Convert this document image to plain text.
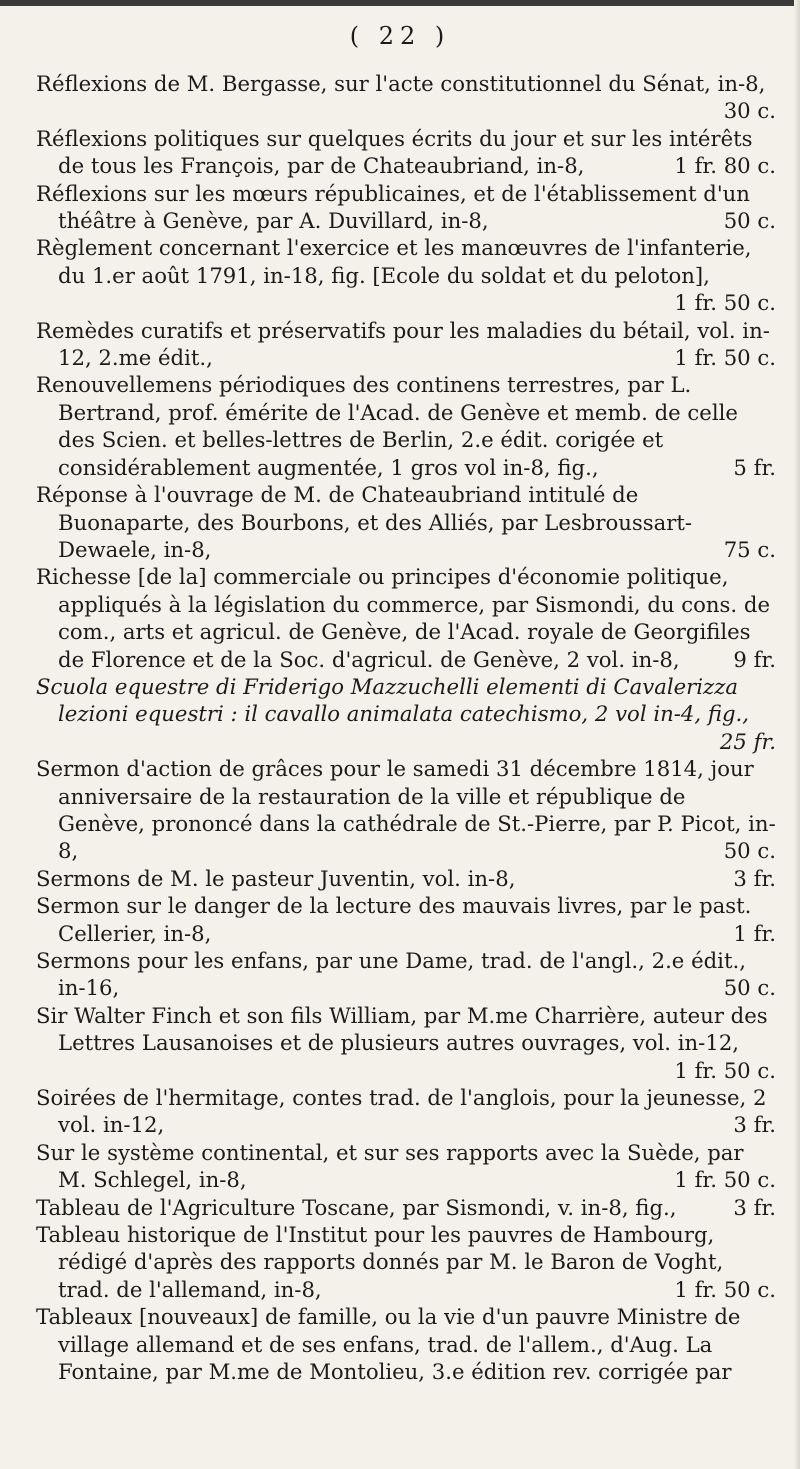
( 22 )

Réflexions de M. Bergasse, sur l'acte constitutionnel du Sénat, in-8,
30 c.

Réflexions politiques sur quelques écrits du jour et sur les intérêts de tous les François, par de Chateaubriand, in-8,	1 fr. 80 c.

Réflexions sur les mœurs républicaines, et de l'établissement d'un théâtre à Genève, par A. Duvillard, in-8,	50 c.

Règlement concernant l'exercice et les manœuvres de l'infanterie, du 1.er août 1791, in-18, fig. [Ecole du soldat et du peloton],
1 fr. 50 c.

Remèdes curatifs et préservatifs pour les maladies du bétail, vol. in-12, 2.me édit.,	1 fr. 50 c.

Renouvellemens périodiques des continens terrestres, par L. Bertrand, prof. émérite de l'Acad. de Genève et memb. de celle des Scien. et belles-lettres de Berlin, 2.e édit. corigée et considérablement augmentée, 1 gros vol in-8, fig.,	5 fr.

Réponse à l'ouvrage de M. de Chateaubriand intitulé de Buonaparte, des Bourbons, et des Alliés, par Lesbroussart-Dewaele, in-8,	75 c.

Richesse [de la] commerciale ou principes d'économie politique, appliqués à la législation du commerce, par Sismondi, du cons. de com., arts et agricul. de Genève, de l'Acad. royale de Georgifiles de Florence et de la Soc. d'agricul. de Genève, 2 vol. in-8,	9 fr.

Scuola equestre di Friderigo Mazzuchelli elementi di Cavalerizza lezioni equestri : il cavallo animalata catechismo, 2 vol in-4, fig.,
25 fr.

Sermon d'action de grâces pour le samedi 31 décembre 1814, jour anniversaire de la restauration de la ville et république de Genève, prononcé dans la cathédrale de St.-Pierre, par P. Picot, in-8,	50 c.

Sermons de M. le pasteur Juventin, vol. in-8,	3 fr.

Sermon sur le danger de la lecture des mauvais livres, par le past. Cellerier, in-8,	1 fr.

Sermons pour les enfans, par une Dame, trad. de l'angl., 2.e édit., in-16,	50 c.

Sir Walter Finch et son fils William, par M.me Charrière, auteur des Lettres Lausanoises et de plusieurs autres ouvrages, vol. in-12,
1 fr. 50 c.

Soirées de l'hermitage, contes trad. de l'anglois, pour la jeunesse, 2 vol. in-12,	3 fr.

Sur le système continental, et sur ses rapports avec la Suède, par M. Schlegel, in-8,	1 fr. 50 c.

Tableau de l'Agriculture Toscane, par Sismondi, v. in-8, fig.,	3 fr.

Tableau historique de l'Institut pour les pauvres de Hambourg, rédigé d'après des rapports donnés par M. le Baron de Voght, trad. de l'allemand, in-8,	1 fr. 50 c.

Tableaux [nouveaux] de famille, ou la vie d'un pauvre Ministre de village allemand et de ses enfans, trad. de l'allem., d'Aug. La Fontaine, par M.me de Montolieu, 3.e édition rev. corrigée par
